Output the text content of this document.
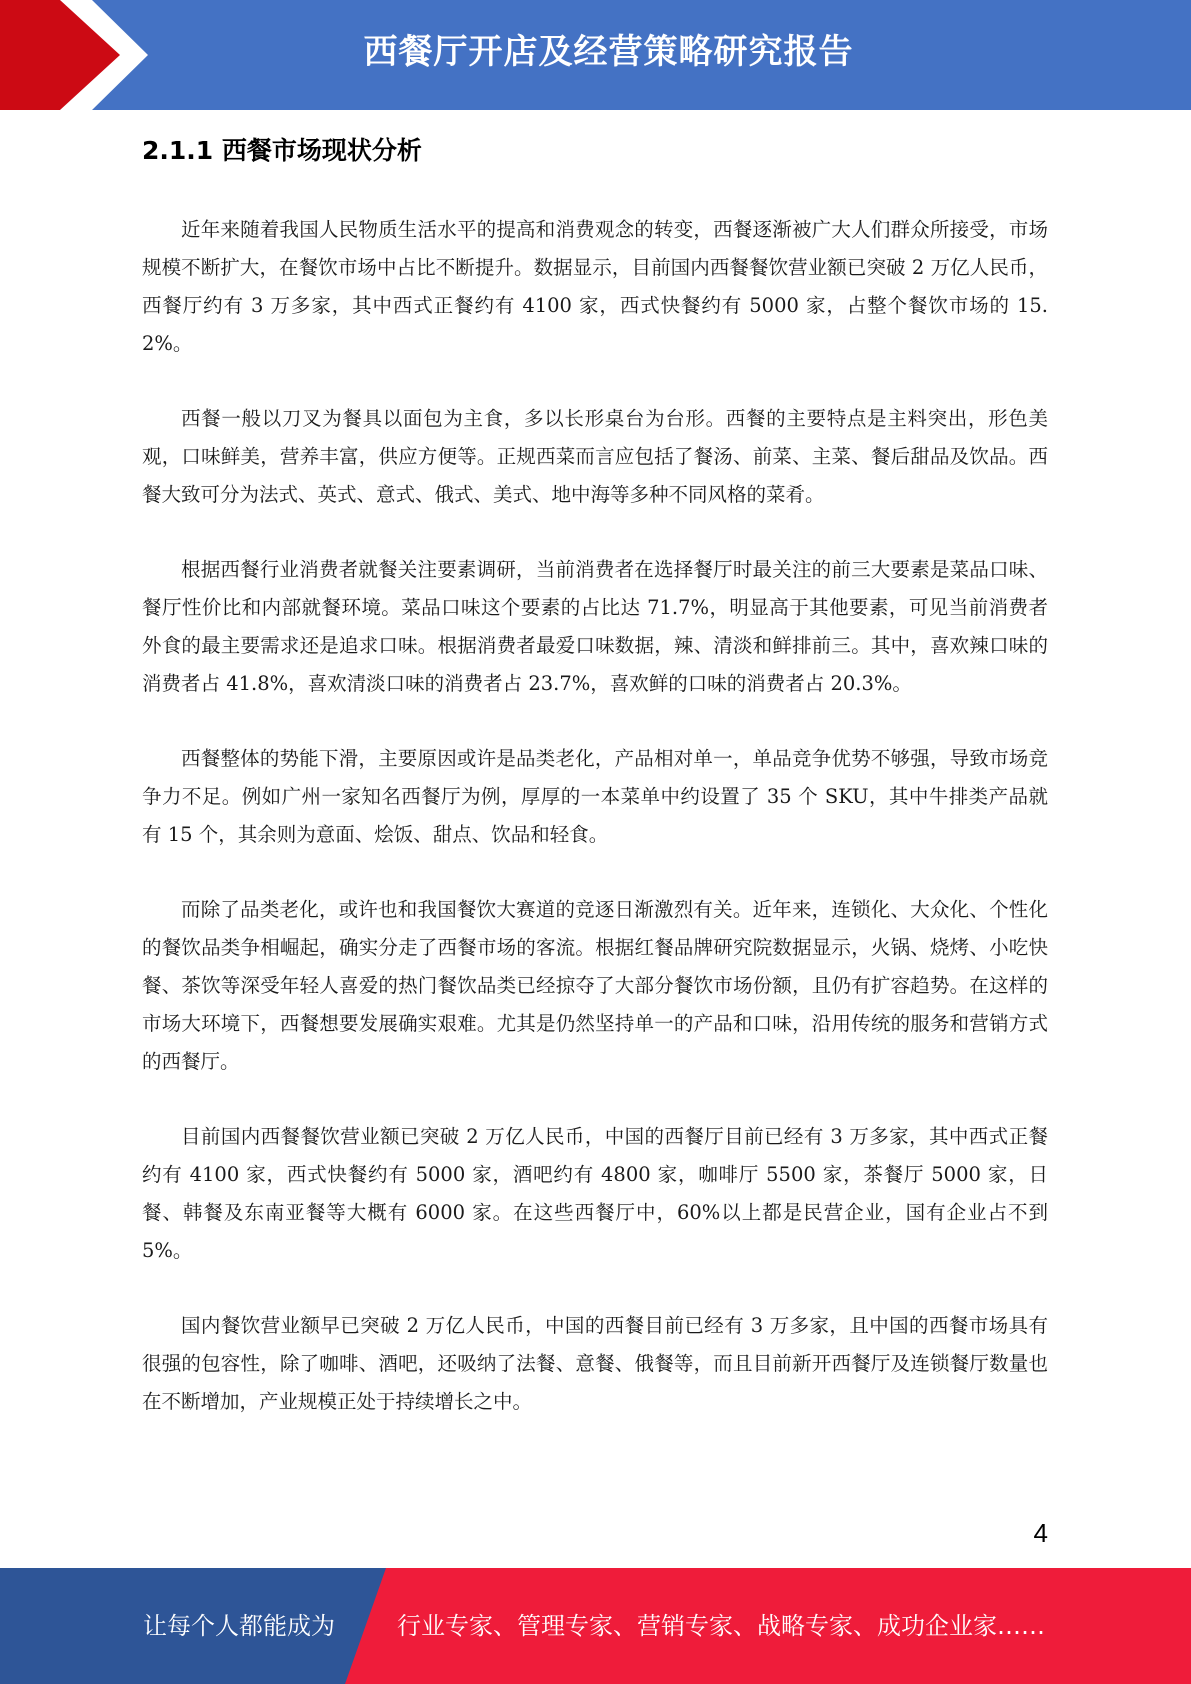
西餐厅开店及经营策略研究报告
2.1.1 西餐市场现状分析

近年来随着我国人民物质生活水平的提高和消费观念的转变，西餐逐渐被广大人们群众所接受，市场规模不断扩大，在餐饮市场中占比不断提升。数据显示，目前国内西餐餐饮营业额已突破 2 万亿人民币，西餐厅约有 3 万多家，其中西式正餐约有 4100 家，西式快餐约有 5000 家，占整个餐饮市场的 15.2%。

西餐一般以刀叉为餐具以面包为主食，多以长形桌台为台形。西餐的主要特点是主料突出，形色美观，口味鲜美，营养丰富，供应方便等。正规西菜而言应包括了餐汤、前菜、主菜、餐后甜品及饮品。西餐大致可分为法式、英式、意式、俄式、美式、地中海等多种不同风格的菜肴。

根据西餐行业消费者就餐关注要素调研，当前消费者在选择餐厅时最关注的前三大要素是菜品口味、餐厅性价比和内部就餐环境。菜品口味这个要素的占比达 71.7%，明显高于其他要素，可见当前消费者外食的最主要需求还是追求口味。根据消费者最爱口味数据，辣、清淡和鲜排前三。其中，喜欢辣口味的消费者占 41.8%，喜欢清淡口味的消费者占 23.7%，喜欢鲜的口味的消费者占 20.3%。

西餐整体的势能下滑，主要原因或许是品类老化，产品相对单一，单品竞争优势不够强，导致市场竞争力不足。例如广州一家知名西餐厅为例，厚厚的一本菜单中约设置了 35 个 SKU，其中牛排类产品就有 15 个，其余则为意面、烩饭、甜点、饮品和轻食。

而除了品类老化，或许也和我国餐饮大赛道的竞逐日渐激烈有关。近年来，连锁化、大众化、个性化的餐饮品类争相崛起，确实分走了西餐市场的客流。根据红餐品牌研究院数据显示，火锅、烧烤、小吃快餐、茶饮等深受年轻人喜爱的热门餐饮品类已经掠夺了大部分餐饮市场份额，且仍有扩容趋势。在这样的市场大环境下，西餐想要发展确实艰难。尤其是仍然坚持单一的产品和口味，沿用传统的服务和营销方式的西餐厅。

目前国内西餐餐饮营业额已突破 2 万亿人民币，中国的西餐厅目前已经有 3 万多家，其中西式正餐约有 4100 家，西式快餐约有 5000 家，酒吧约有 4800 家，咖啡厅 5500 家，茶餐厅 5000 家，日餐、韩餐及东南亚餐等大概有 6000 家。在这些西餐厅中，60%以上都是民营企业，国有企业占不到 5%。

国内餐饮营业额早已突破 2 万亿人民币，中国的西餐目前已经有 3 万多家，且中国的西餐市场具有很强的包容性，除了咖啡、酒吧，还吸纳了法餐、意餐、俄餐等，而且目前新开西餐厅及连锁餐厅数量也在不断增加，产业规模正处于持续增长之中。

4
让每个人都能成为	行业专家、管理专家、营销专家、战略专家、成功企业家……
